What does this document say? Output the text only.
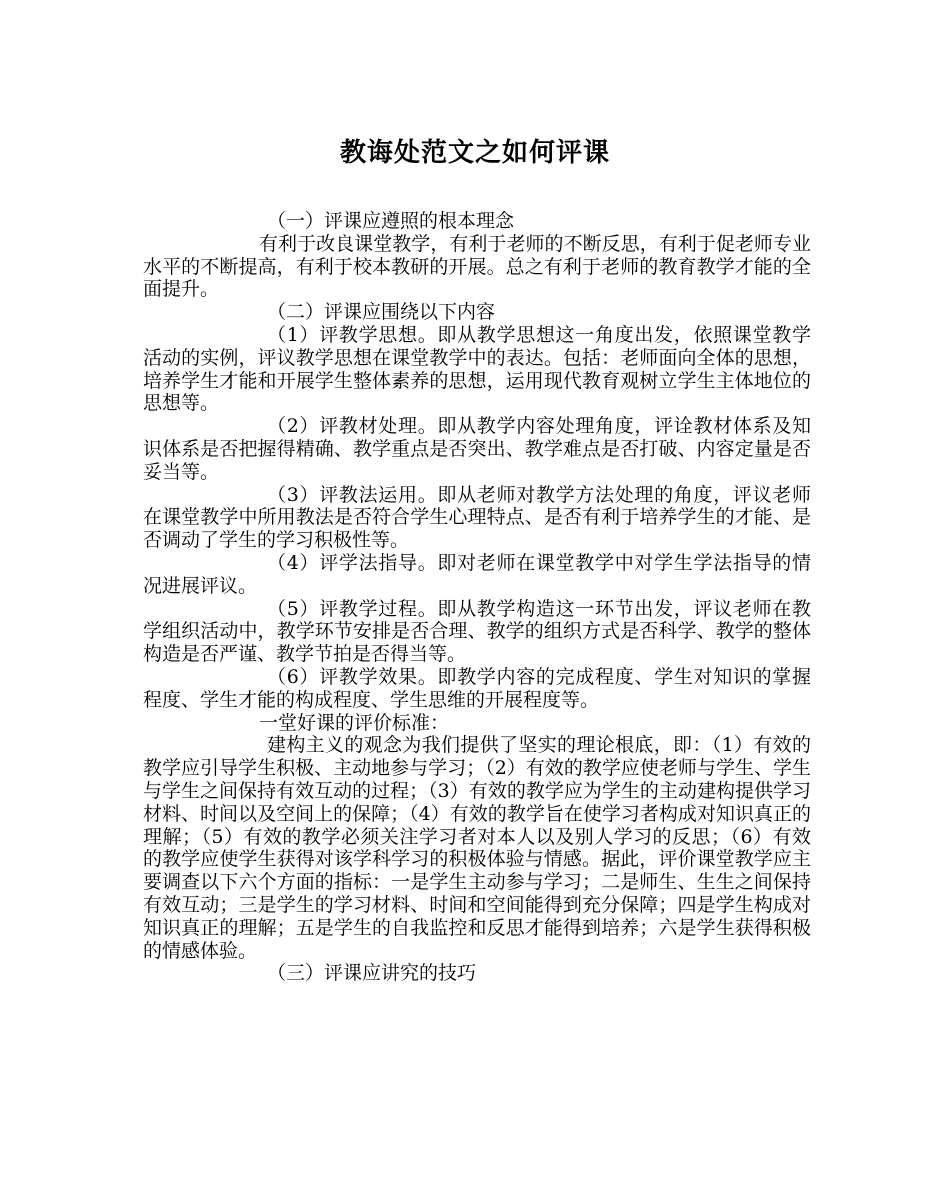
教诲处范文之如何评课

（一）评课应遵照的根本理念

有利于改良课堂教学，有利于老师的不断反思，有利于促老师专业水平的不断提高，有利于校本教研的开展。总之有利于老师的教育教学才能的全面提升。

（二）评课应围绕以下内容

（1）评教学思想。即从教学思想这一角度出发，依照课堂教学活动的实例，评议教学思想在课堂教学中的表达。包括：老师面向全体的思想，培养学生才能和开展学生整体素养的思想，运用现代教育观树立学生主体地位的思想等。

（2）评教材处理。即从教学内容处理角度，评诠教材体系及知识体系是否把握得精确、教学重点是否突出、教学难点是否打破、内容定量是否妥当等。

（3）评教法运用。即从老师对教学方法处理的角度，评议老师在课堂教学中所用教法是否符合学生心理特点、是否有利于培养学生的才能、是否调动了学生的学习积极性等。

（4）评学法指导。即对老师在课堂教学中对学生学法指导的情况进展评议。

（5）评教学过程。即从教学构造这一环节出发，评议老师在教学组织活动中，教学环节安排是否合理、教学的组织方式是否科学、教学的整体构造是否严谨、教学节拍是否得当等。

（6）评教学效果。即教学内容的完成程度、学生对知识的掌握程度、学生才能的构成程度、学生思维的开展程度等。

一堂好课的评价标准：

建构主义的观念为我们提供了坚实的理论根底，即：（1）有效的教学应引导学生积极、主动地参与学习；（2）有效的教学应使老师与学生、学生与学生之间保持有效互动的过程；（3）有效的教学应为学生的主动建构提供学习材料、时间以及空间上的保障；（4）有效的教学旨在使学习者构成对知识真正的理解；（5）有效的教学必须关注学习者对本人以及别人学习的反思；（6）有效的教学应使学生获得对该学科学习的积极体验与情感。据此，评价课堂教学应主要调查以下六个方面的指标：一是学生主动参与学习；二是师生、生生之间保持有效互动；三是学生的学习材料、时间和空间能得到充分保障；四是学生构成对知识真正的理解；五是学生的自我监控和反思才能得到培养；六是学生获得积极的情感体验。

（三）评课应讲究的技巧
